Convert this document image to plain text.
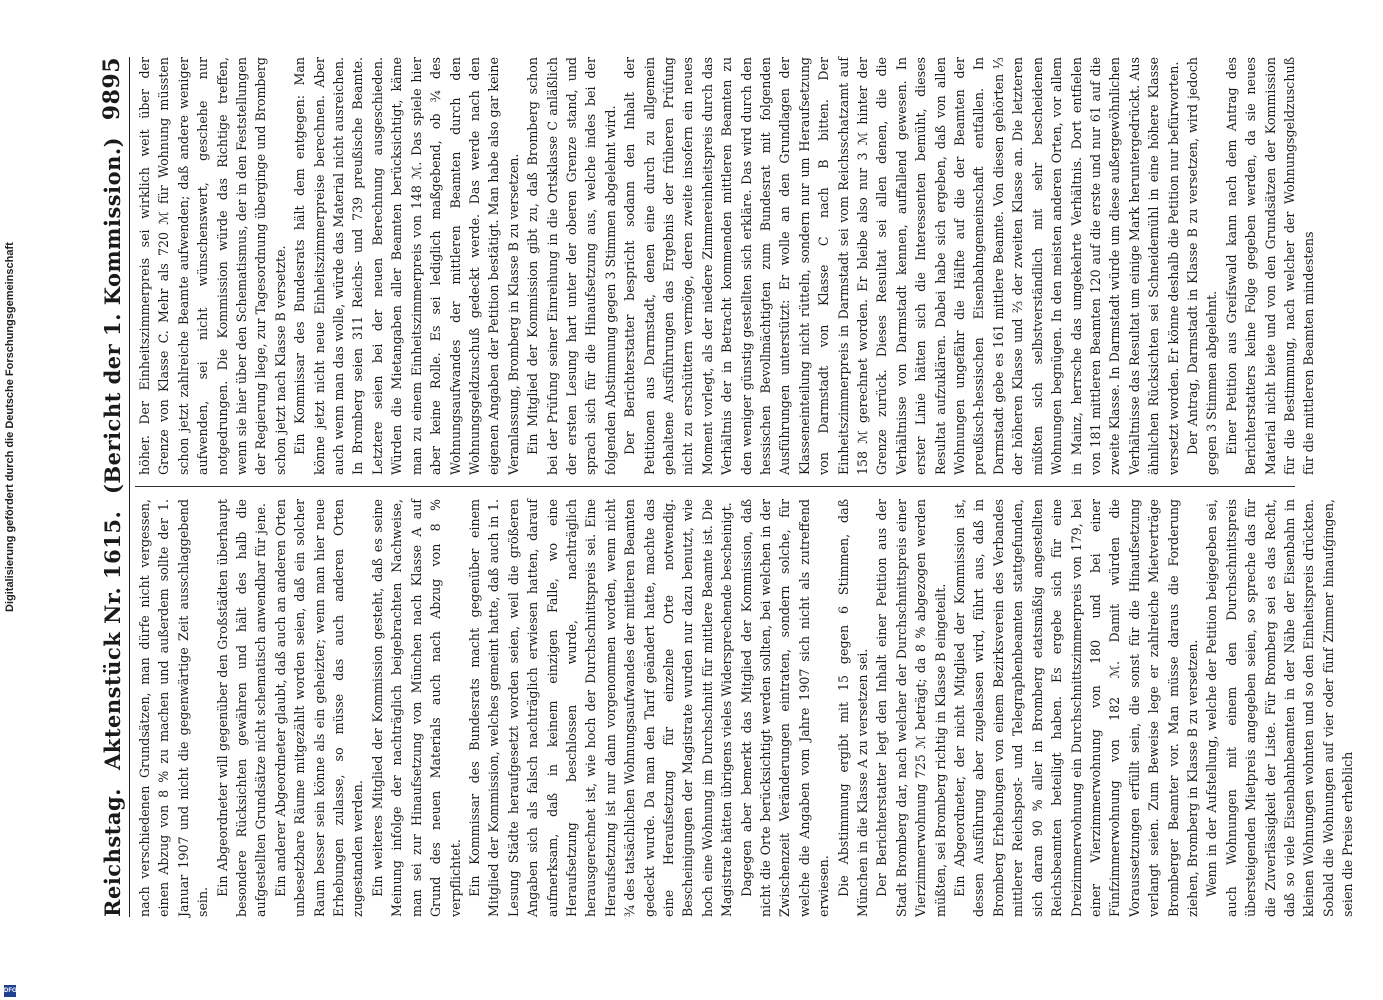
Reichstag.
Aktenstück Nr. 1615.
(Bericht der 1. Kommission.)
9895

nach verschiedenen Grundsätzen, man dürfe nicht vergessen, einen Abzug von 8 % zu machen und außerdem sollte der 1. Januar 1907 und nicht die gegenwärtige Zeit ausschlaggebend sein.

Ein Abgeordneter will gegenüber den Großstädten überhaupt besondere Rücksichten gewähren und hält des halb die aufgestellten Grundsätze nicht schematisch anwendbar für jene. Ein anderer Abgeordneter glaubt, daß auch an anderen Orten unbesetzbare Räume mitgezählt worden seien, daß ein solcher Raum besser sein könne als ein geheizter; wenn man hier neue Erhebungen zulasse, so müsse das auch anderen Orten zugestanden werden. Ein weiteres Mitglied der Kommission gesteht, daß es seine Meinung infolge der nachträglich beigebrachten Nachweise, man sei zur Hinaufsetzung von München nach Klasse A auf Grund des neuen Materials auch nach Abzug von 8 % verpflichtet. Ein Kommissar des Bundesrats macht gegenüber einem Mitglied der Kommission, welches gemeint hatte, daß auch in 1. Lesung Städte heraufgesetzt worden seien, weil die größeren Angaben sich als falsch nachträglich erwiesen hatten, darauf aufmerksam, daß in keinem einzigen Falle, wo eine Heraufsetzung beschlossen wurde, nachträglich herausgerechnet ist, wie hoch der Durchschnittspreis sei. Eine Heraufsetzung ist nur dann vorgenommen worden, wenn nicht ¾ des tatsächlichen Wohnungsaufwandes der mittleren Beamten gedeckt wurde. Da man den Tarif geändert hatte, machte das eine Heraufsetzung für einzelne Orte notwendig. Bescheinigungen der Magistrate wurden nur dazu benutzt, wie hoch eine Wohnung im Durchschnitt für mittlere Beamte ist. Die Magistrate hätten übrigens vieles Widersprechende bescheinigt. Dagegen aber bemerkt das Mitglied der Kommission, daß nicht die Orte berücksichtigt werden sollten, bei welchen in der Zwischenzeit Veränderungen eintraten, sondern solche, für welche die Angaben vom Jahre 1907 sich nicht als zutreffend erwiesen. Die Abstimmung ergibt mit 15 gegen 6 Stimmen, daß München in die Klasse A zu versetzen sei. Der Berichterstatter legt den Inhalt einer Petition aus der Stadt Bromberg dar, nach welcher der Durchschnittspreis einer Vierzimmerwohnung 725 ℳ beträgt; da 8 % abgezogen werden müßten, sei Bromberg richtig in Klasse B eingeteilt. Ein Abgeordneter, der nicht Mitglied der Kommission ist, dessen Ausführung aber zugelassen wird, führt aus, daß in Bromberg Erhebungen von einem Bezirksverein des Verbandes mittlerer Reichspost- und Telegraphenbeamten stattgefunden, sich daran 90 % aller in Bromberg etatsmäßig angestellten Reichsbeamten beteiligt haben. Es ergebe sich für eine Dreizimmerwohnung ein Durchschnittszimmerpreis von 179, bei einer Vierzimmerwohnung von 180 und bei einer Fünfzimmerwohnung von 182 ℳ. Damit würden die Voraussetzungen erfüllt sein, die sonst für die Hinaufsetzung verlangt seien. Zum Beweise lege er zahlreiche Mietverträge Bromberger Beamter vor. Man müsse daraus die Forderung ziehen, Bromberg in Klasse B zu versetzen. Wenn in der Aufstellung, welche der Petition beigegeben sei, auch Wohnungen mit einem den Durchschnittspreis übersteigenden Mietpreis angegeben seien, so spreche das für die Zuverlässigkeit der Liste. Für Bromberg sei es das Recht, daß so viele Eisenbahnbeamten in der Nähe der Eisenbahn in kleinen Wohnungen wohnten und so den Einheitspreis drückten. Sobald die Wohnungen auf vier oder fünf Zimmer hinaufgingen, seien die Preise erheblich

höher. Der Einheitszimmerpreis sei wirklich weit über der Grenze von Klasse C. Mehr als 720 ℳ für Wohnung müssten schon jetzt zahlreiche Beamte aufwenden; daß andere weniger aufwenden, sei nicht wünschenswert, geschehe nur notgedrungen. Die Kommission würde das Richtige treffen, wenn sie hier über den Schematismus, der in den Feststellungen der Regierung liege, zur Tagesordnung überginge und Bromberg schon jetzt nach Klasse B versetzte. Ein Kommissar des Bundesrats hält dem entgegen: Man könne jetzt nicht neue Einheitszimmerpreise berechnen. Aber auch wenn man das wolle, würde das Material nicht ausreichen. In Bromberg seien 311 Reichs- und 739 preußische Beamte. Letztere seien bei der neuen Berechnung ausgeschieden. Würden die Mietangaben aller Beamten berücksichtigt, käme man zu einem Einheitszimmerpreis von 148 ℳ. Das spiele hier aber keine Rolle. Es sei lediglich maßgebend, ob ¾ des Wohnungsaufwandes der mittleren Beamten durch den Wohnungsgeldzuschuß gedeckt werde. Das werde nach den eigenen Angaben der Petition bestätigt. Man habe also gar keine Veranlassung, Bromberg in Klasse B zu versetzen. Ein Mitglied der Kommission gibt zu, daß Bromberg schon bei der Prüfung seiner Einreihung in die Ortsklasse C anläßlich der ersten Lesung hart unter der oberen Grenze stand, und sprach sich für die Hinaufsetzung aus, welche indes bei der folgenden Abstimmung gegen 3 Stimmen abgelehnt wird. Der Berichterstatter bespricht sodann den Inhalt der Petitionen aus Darmstadt, denen eine durch zu allgemein gehaltene Ausführungen das Ergebnis der früheren Prüfung nicht zu erschüttern vermöge, deren zweite insofern ein neues Moment vorlegt, als der niedere Zimmereinheitspreis durch das Verhältnis der in Betracht kommenden mittleren Beamten zu den weniger günstig gestellten sich erkläre. Das wird durch den hessischen Bevollmächtigten zum Bundesrat mit folgenden Ausführungen unterstützt: Er wolle an den Grundlagen der Klasseneinteilung nicht rütteln, sondern nur um Heraufsetzung von Darmstadt von Klasse C nach B bitten. Der Einheitszimmerpreis in Darmstadt sei vom Reichsschatzamt auf 158 ℳ gerechnet worden. Er bleibe also nur 3 ℳ hinter der Grenze zurück. Dieses Resultat sei allen denen, die die Verhältnisse von Darmstadt kennen, auffallend gewesen. In erster Linie hätten sich die Interessenten bemüht, dieses Resultat aufzuklären. Dabei habe sich ergeben, daß von allen Wohnungen ungefähr die Hälfte auf die der Beamten der preußisch-hessischen Eisenbahngemeinschaft entfallen. In Darmstadt gebe es 161 mittlere Beamte. Von diesen gehörten ⅓ der höheren Klasse und ⅔ der zweiten Klasse an. Die letzteren müßten sich selbstverständlich mit sehr bescheidenen Wohnungen begnügen. In den meisten anderen Orten, vor allem in Mainz, herrsche das umgekehrte Verhältnis. Dort entfielen von 181 mittleren Beamten 120 auf die erste und nur 61 auf die zweite Klasse. In Darmstadt würde um diese außergewöhnlichen Verhältnisse das Resultat um einige Mark heruntergedrückt. Aus ähnlichen Rücksichten sei Schneidemühl in eine höhere Klasse versetzt worden. Er könne deshalb die Petition nur befürworten. Der Antrag, Darmstadt in Klasse B zu versetzen, wird jedoch gegen 3 Stimmen abgelehnt. Einer Petition aus Greifswald kann nach dem Antrag des Berichterstatters keine Folge gegeben werden, da sie neues Material nicht biete und von den Grundsätzen der Kommission für die Bestimmung, nach welcher der Wohnungsgeldzuschuß für die mittleren Beamten mindestens

Digitalisierung gefördert durch die Deutsche Forschungsgemeinschaft
DFG
